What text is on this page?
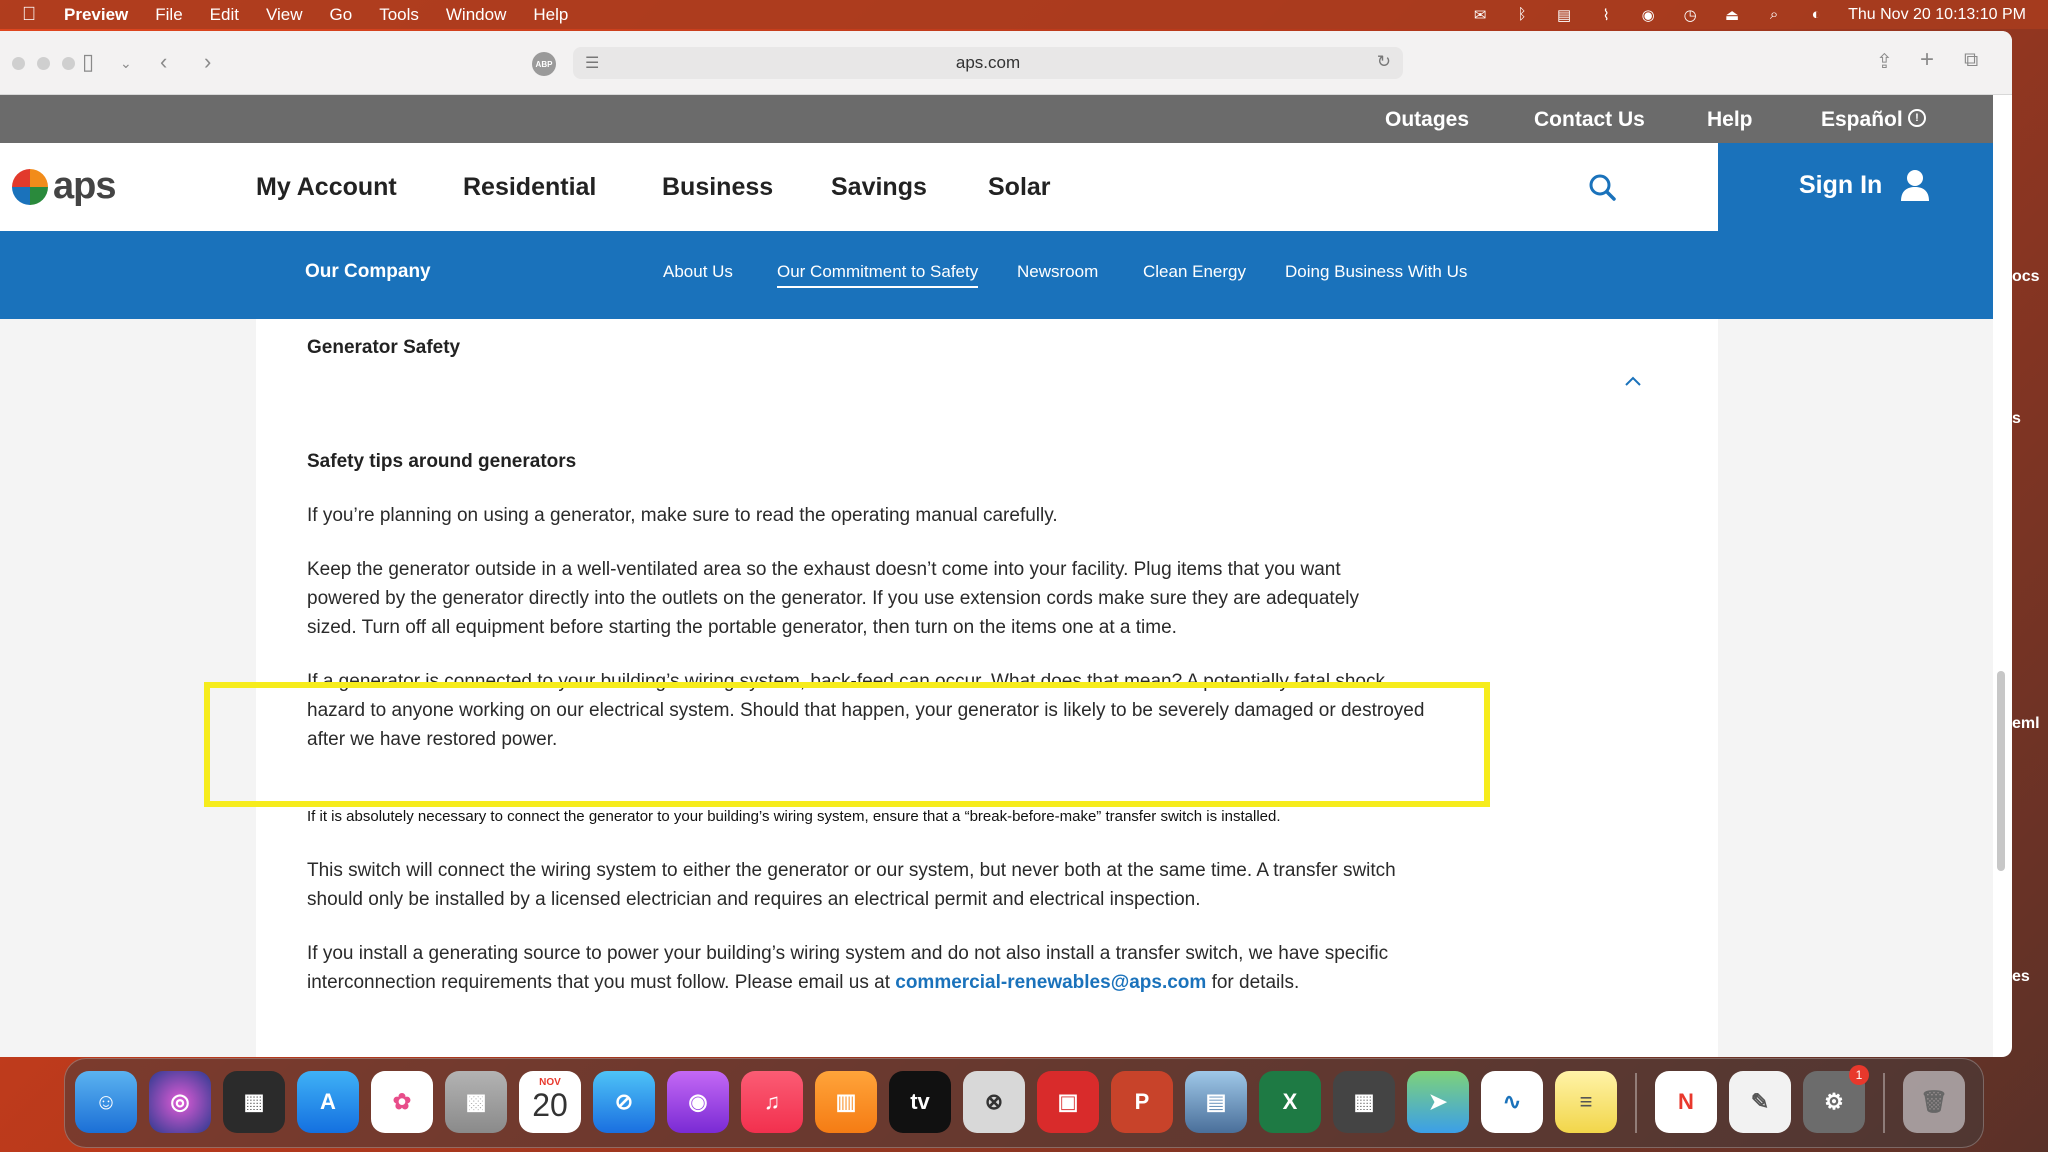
Preview File Edit View Go Tools Window Help	✉	ᛒ	▤	⌇	◉ ◷ ⏏	⌕	◐	Thu Nov 20 10:13:10 PM
ocs
s
eml
es
▯ ⌄ ‹ ›	ABP ☰	aps.com	↻	⇪ + ⧉
Outages	Contact Us	Help	Español	!
aps	My Account	Residential	Business Savings Solar	Sign In
Our Company	About Us	Our Commitment to Safety Newsroom	Clean Energy Doing Business With Us
Generator Safety
Safety tips around generators

If you’re planning on using a generator, make sure to read the operating manual carefully.

Keep the generator outside in a well-ventilated area so the exhaust doesn’t come into your facility. Plug items that you want powered by the generator directly into the outlets on the generator. If you use extension cords make sure they are adequately sized. Turn off all equipment before starting the portable generator, then turn on the items one at a time.

If a generator is connected to your building’s wiring system, back-feed can occur. What does that mean? A potentially fatal shock hazard to anyone working on our electrical system. Should that happen, your generator is likely to be severely damaged or destroyed after we have restored power.

If it is absolutely necessary to connect the generator to your building’s wiring system, ensure that a “break-before-make” transfer switch is installed.

This switch will connect the wiring system to either the generator or our system, but never both at the same time. A transfer switch should only be installed by a licensed electrician and requires an electrical permit and electrical inspection.

If you install a generating source to power your building’s wiring system and do not also install a transfer switch, we have specific interconnection requirements that you must follow. Please email us at commercial-renewables@aps.com for details.

☺	◎	▦	A	✿	▩
NOV
20	⊘	◉	♫	▥	tv	⊗	▣	P	▤	X	▦	➤	∿	≡	N	✎	⚙
1
🗑
